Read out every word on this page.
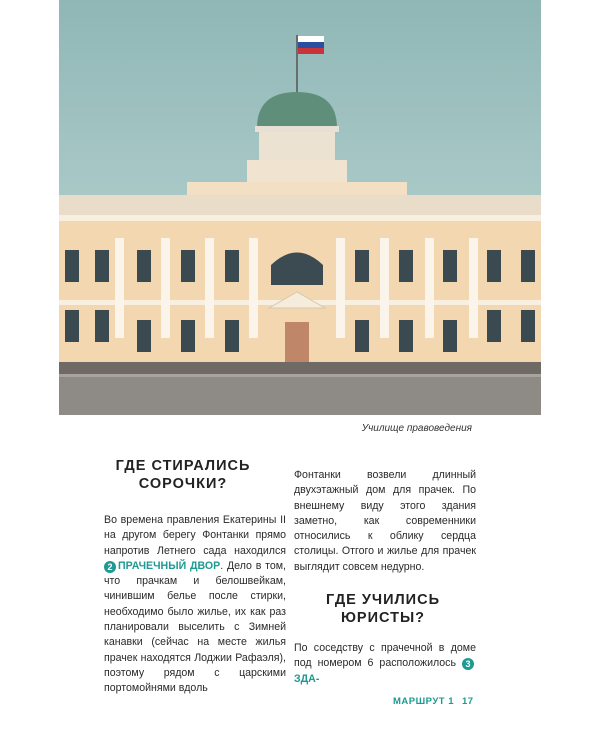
Училище правоведения
ГДЕ СТИРАЛИСЬ
СОРОЧКИ?

Во времена правления Екатерины II на другом берегу Фонтанки прямо напротив Летнего сада находился 2 ПРАЧЕЧНЫЙ ДВОР. Дело в том, что прачкам и белошвейкам, чинившим белье после стирки, необходимо было жилье, их как раз планировали выселить с Зимней канавки (сейчас на месте жилья прачек находятся Лоджии Рафаэля), поэтому рядом с царскими портомойнями вдоль

Фонтанки возвели длинный двухэтажный дом для прачек. По внешнему виду этого здания заметно, как современники относились к облику сердца столицы. Отгого и жилье для прачек выглядит совсем недурно.

ГДЕ УЧИЛИСЬ
ЮРИСТЫ?

По соседству с прачечной в доме под номером 6 расположилось 3ЗДА-

МАРШРУТ 1 17
